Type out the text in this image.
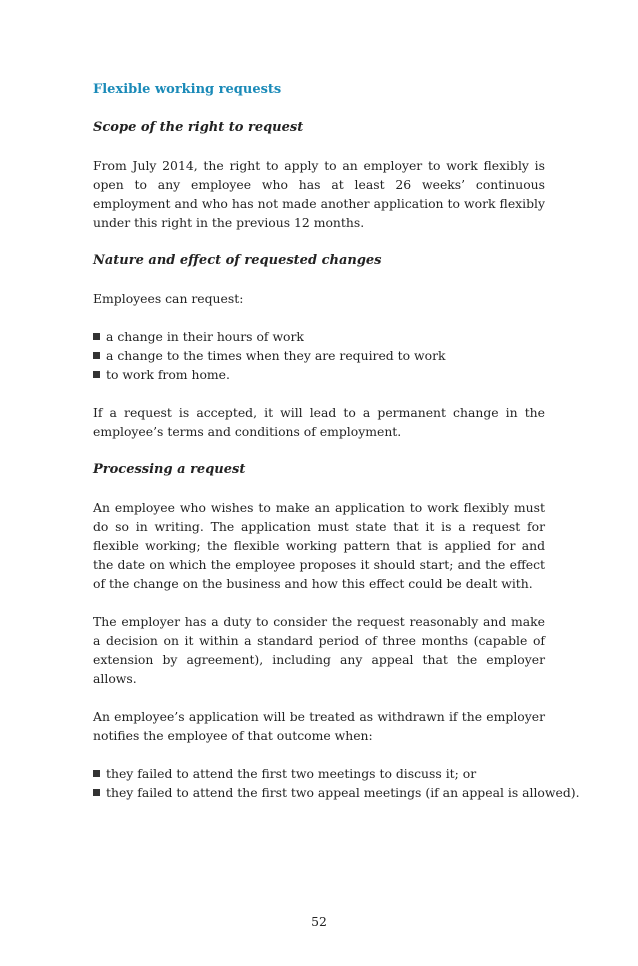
Flexible working requests
Scope of the right to request

From July 2014, the right to apply to an employer to work flexibly is open to any employee who has at least 26 weeks’ continuous employment and who has not made another application to work flexibly under this right in the previous 12 months.

Nature and effect of requested changes

Employees can request:

a change in their hours of work

a change to the times when they are required to work

to work from home.

If a request is accepted, it will lead to a permanent change in the employee’s terms and conditions of employment.

Processing a request

An employee who wishes to make an application to work flexibly must do so in writing. The application must state that it is a request for flexible working; the flexible working pattern that is applied for and the date on which the employee proposes it should start; and the effect of the change on the business and how this effect could be dealt with.

The employer has a duty to consider the request reasonably and make a decision on it within a standard period of three months (capable of extension by agreement), including any appeal that the employer allows.

An employee’s application will be treated as withdrawn if the employer notifies the employee of that outcome when:

they failed to attend the first two meetings to discuss it; or

they failed to attend the first two appeal meetings (if an appeal is allowed).

52
